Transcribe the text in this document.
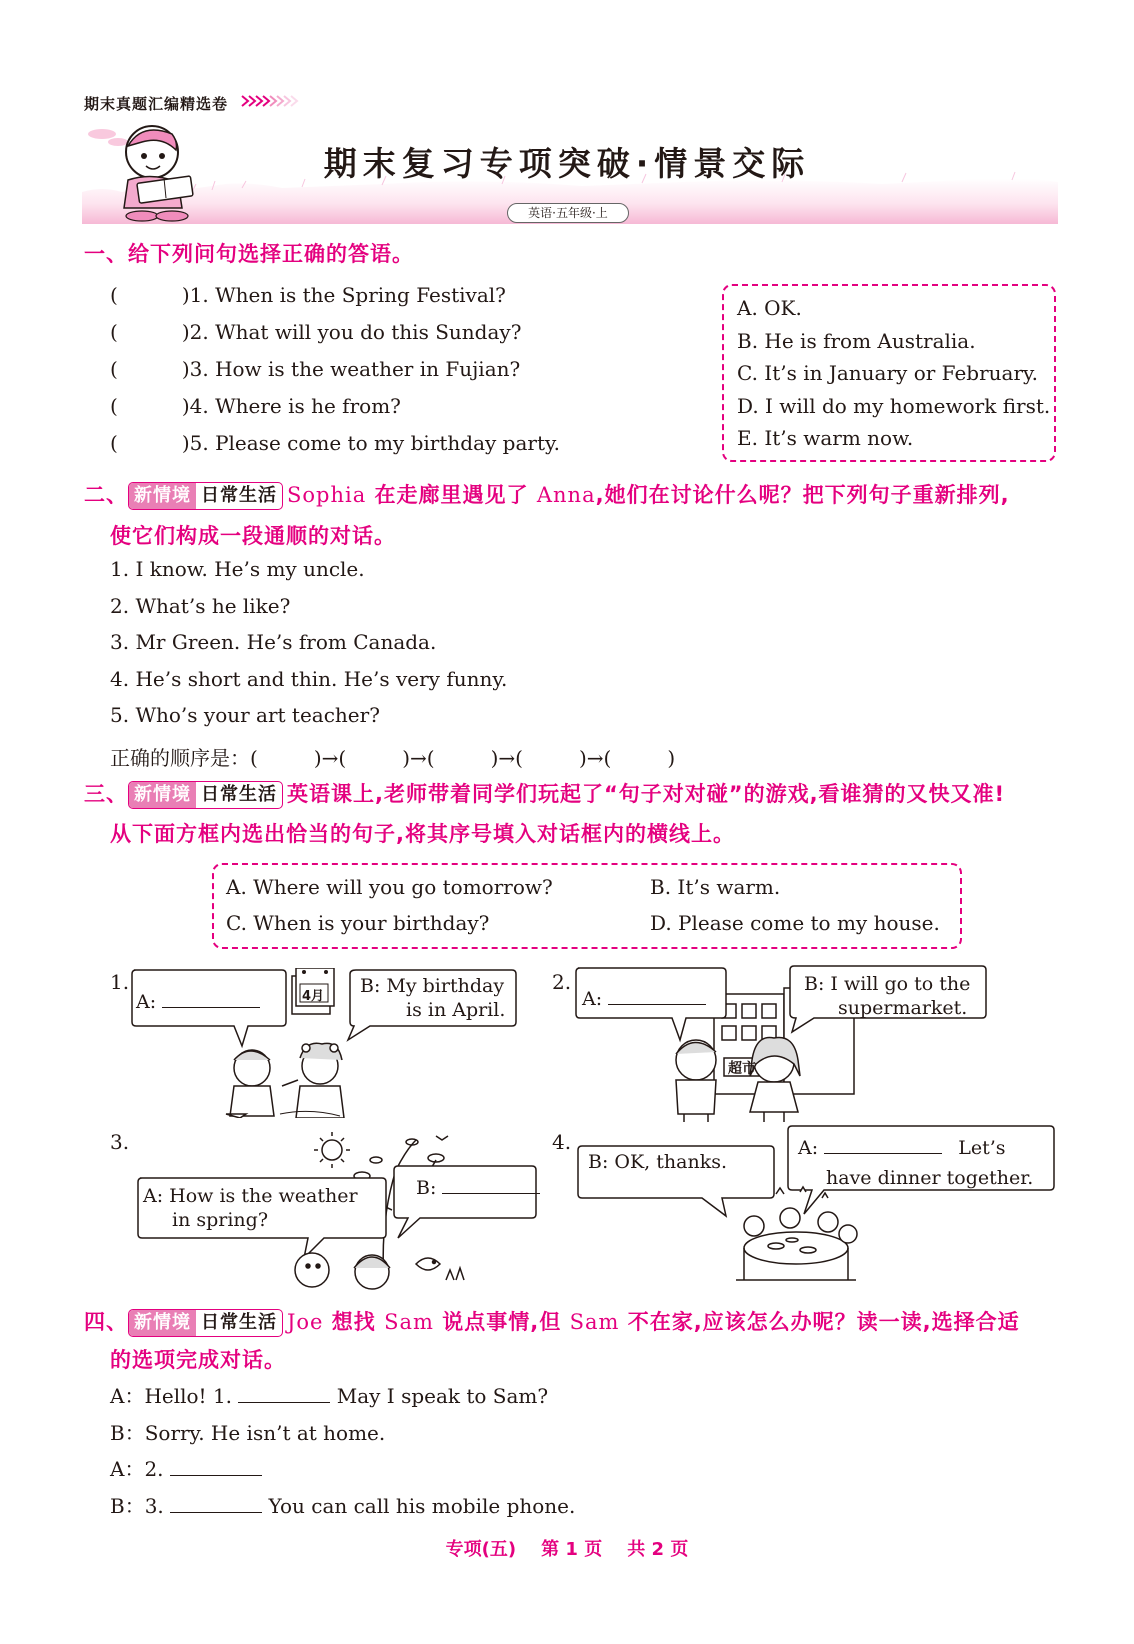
期末真题汇编精选卷
期末复习专项突破·情景交际
英语·五年级·上
一、给下列问句选择正确的答语。
(	)1. When is the Spring Festival?
(	)2. What will you do this Sunday?
(	)3. How is the weather in Fujian?
(	)4. Where is he from?
(	)5. Please come to my birthday party.
A. OK.
B. He is from Australia.
C. It’s in January or February.
D. I will do my homework first.
E. It’s warm now.
二、 新情境 日常生活 Sophia 在走廊里遇见了 Anna,她们在讨论什么呢？把下列句子重新排列,
使它们构成一段通顺的对话。
1. I know. He’s my uncle.
2. What’s he like?
3. Mr Green. He’s from Canada.
4. He’s short and thin. He’s very funny.
5. Who’s your art teacher?
正确的顺序是：(	)→(	)→(	)→(	)→(	)
三、 新情境 日常生活 英语课上,老师带着同学们玩起了“句子对对碰”的游戏,看谁猜的又快又准!
从下面方框内选出恰当的句子,将其序号填入对话框内的横线上。
A. Where will you go tomorrow?	B. It’s warm.
C. When is your birthday?	D. Please come to my house.
1.
A:	4月 B: My birthday
is in April.
2.
超市
A:
B: I will go to the
supermarket.
3.
A: How is the weather
in spring?
B:
4.
B: OK, thanks.
A:	Let’s
have dinner together.
四、 新情境 日常生活 Joe 想找 Sam 说点事情,但 Sam 不在家,应该怎么办呢？读一读,选择合适
的选项完成对话。
A：Hello! 1.	May I speak to Sam?
B：Sorry. He isn’t at home.
A：2.
B：3.	You can call his mobile phone.
专项(五)    第 1 页    共 2 页
